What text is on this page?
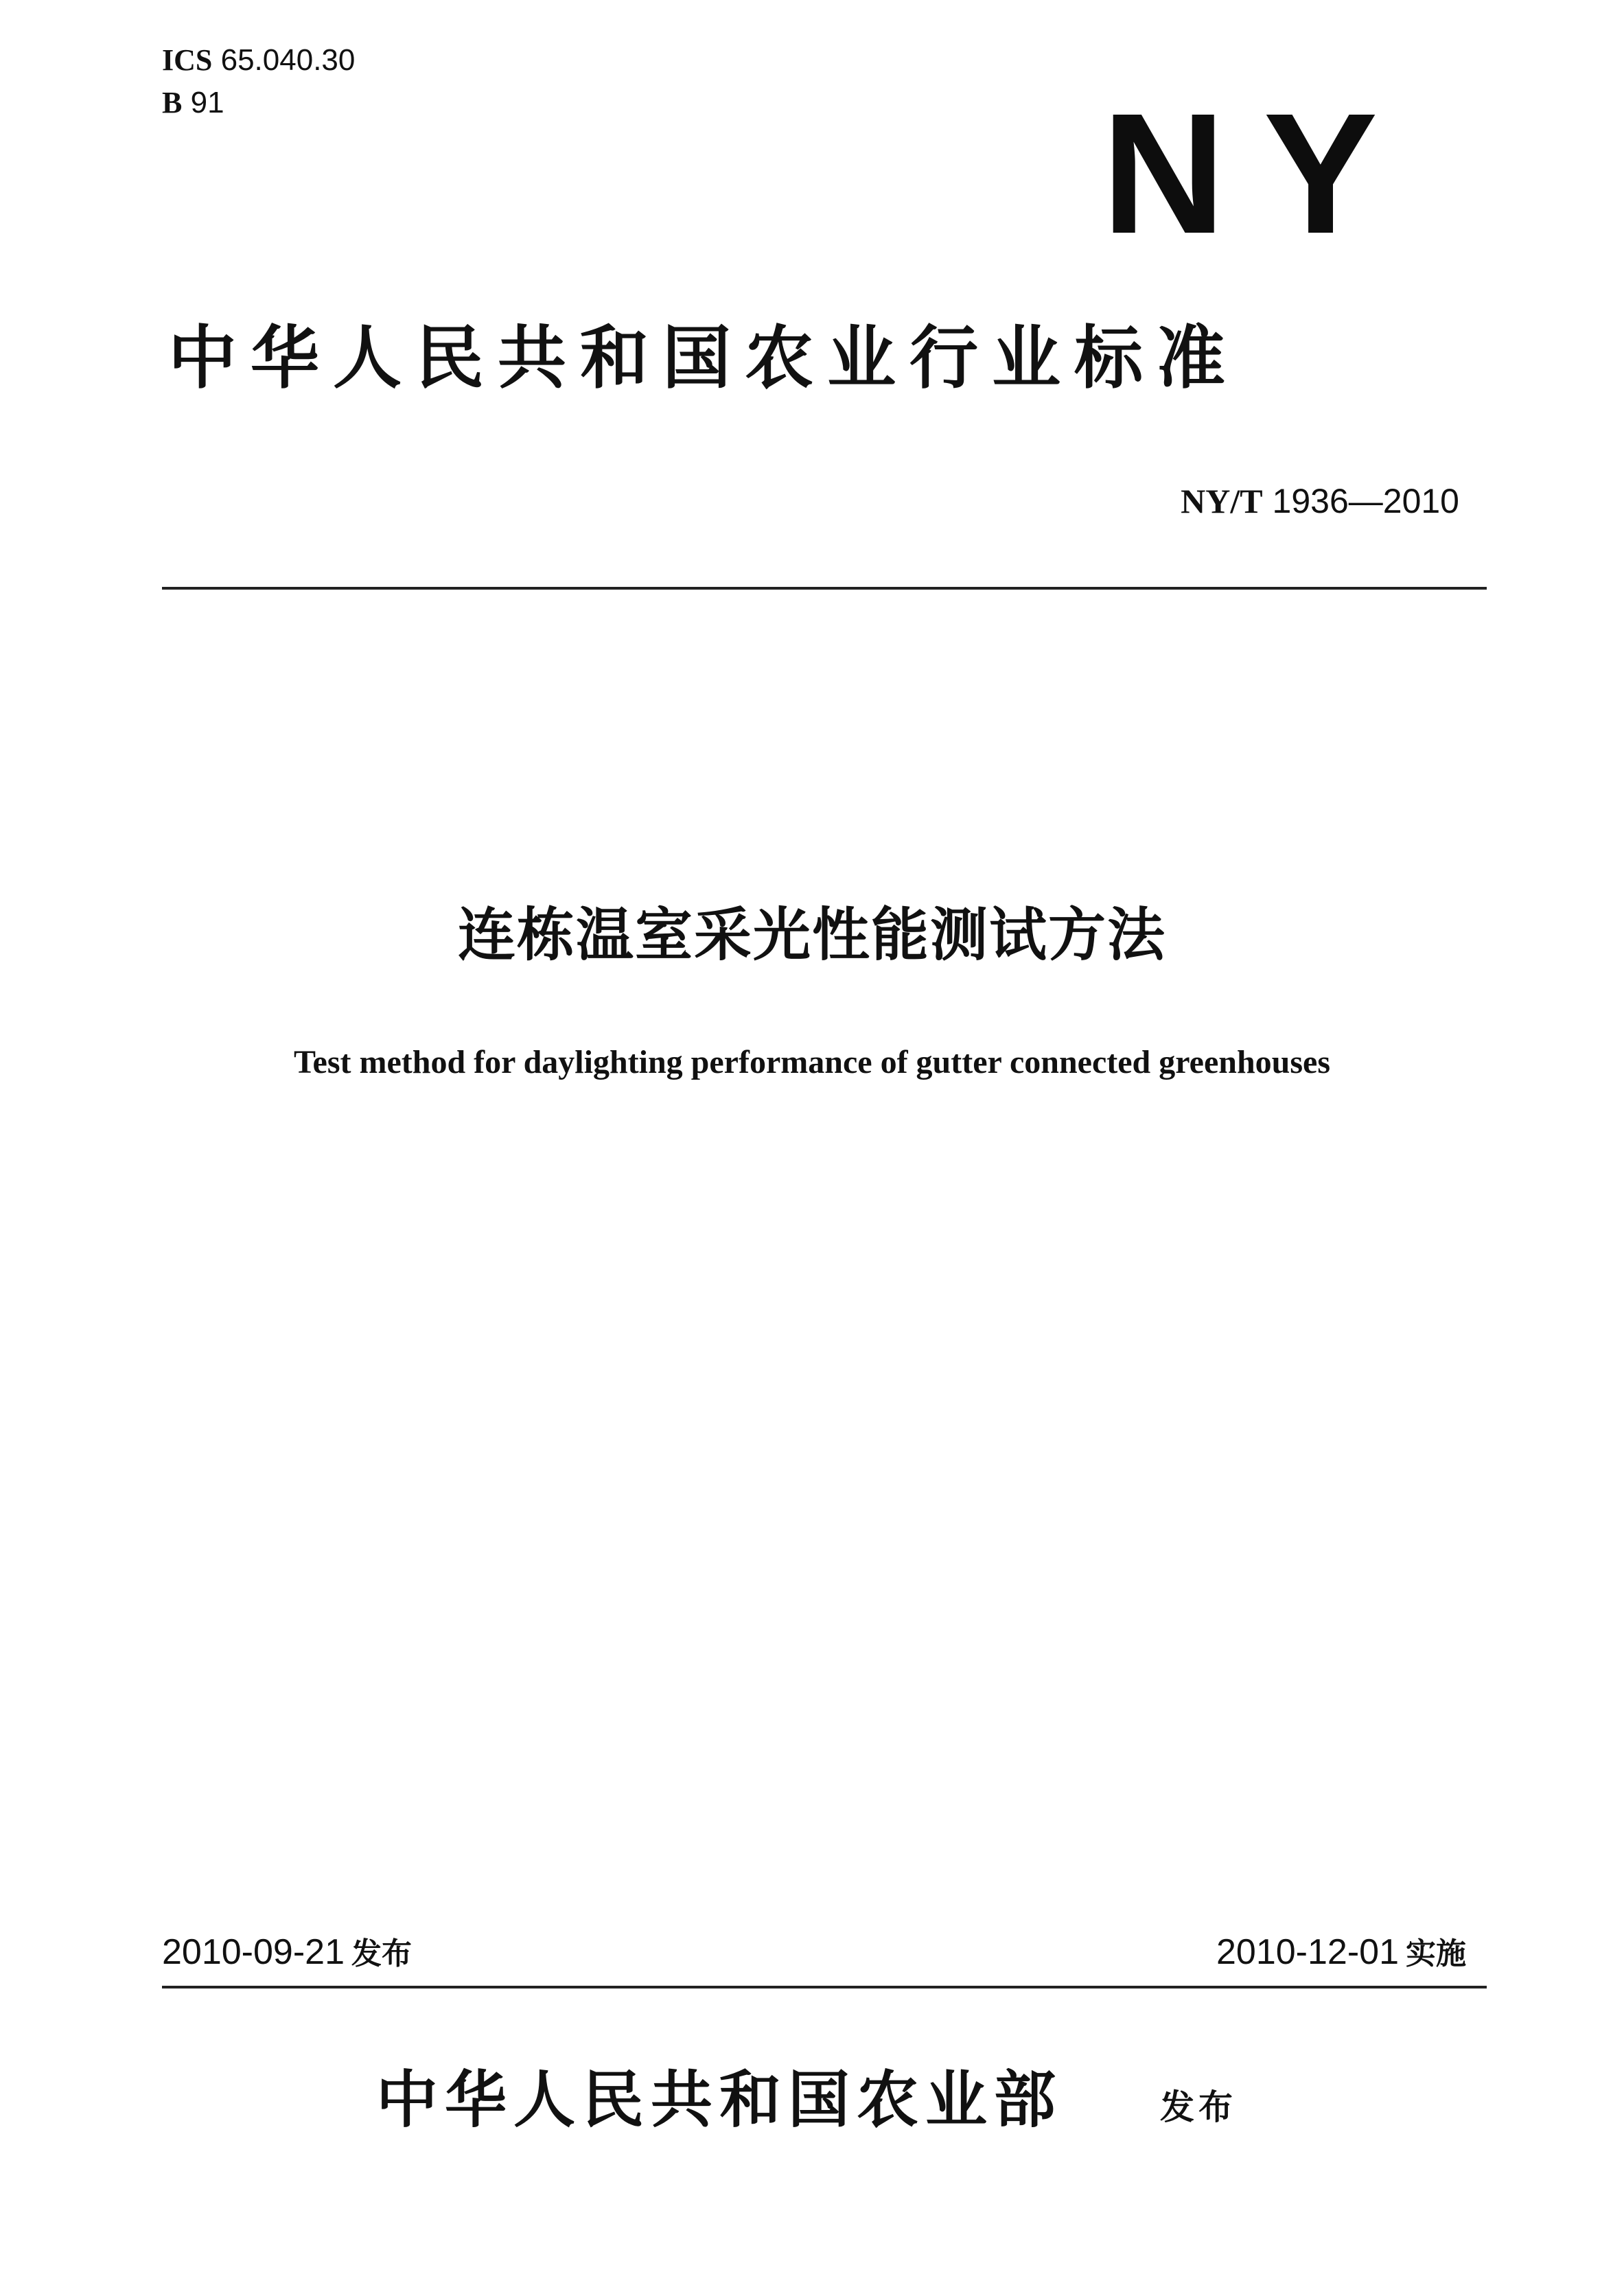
ICS 65.040.30
B 91	NY
中华人民共和国农业行业标准
NY/T 1936—2010
连栋温室采光性能测试方法
Test method for daylighting performance of gutter connected greenhouses
2010-09-21 发布	2010-12-01 实施
中华人民共和国农业部	发布
